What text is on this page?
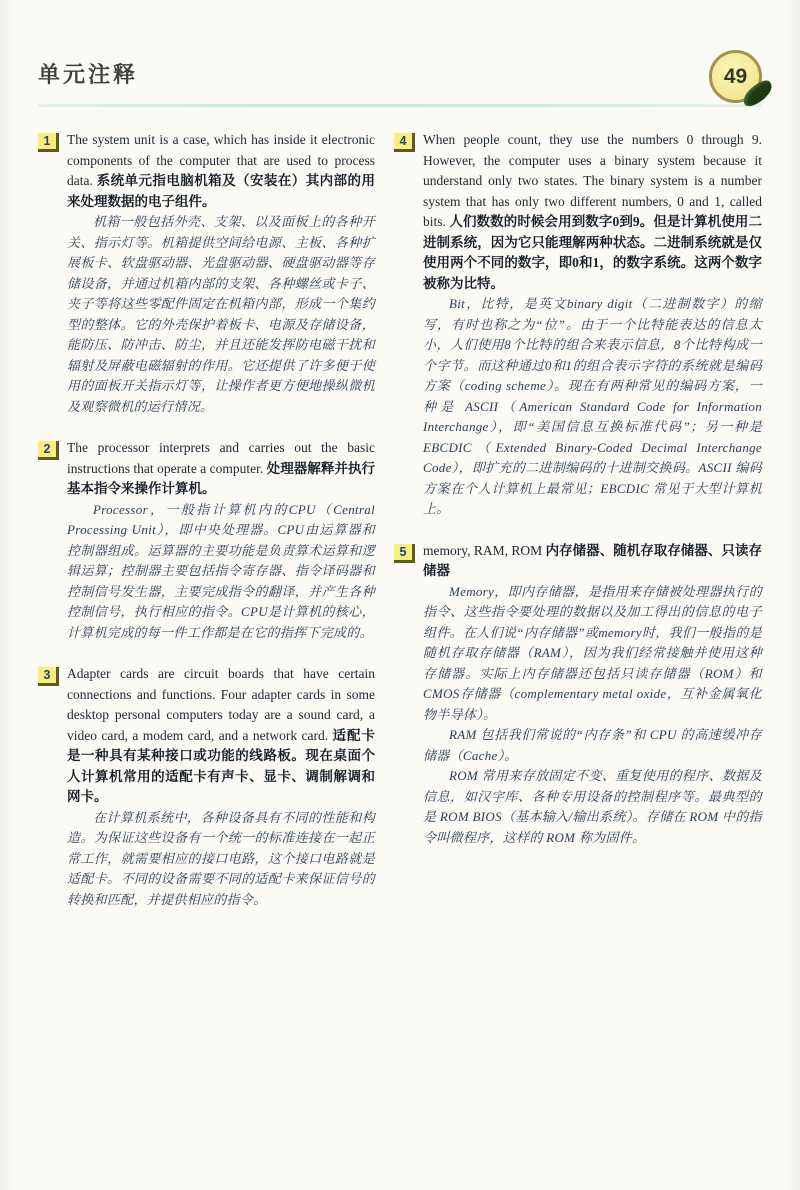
49
单元注释
1	The system unit is a case, which has inside it electronic components of the computer that are used to process data. 系统单元指电脑机箱及（安装在）其内部的用来处理数据的电子组件。

机箱一般包括外壳、支架、以及面板上的各种开关、指示灯等。机箱提供空间给电源、主板、各种扩展板卡、软盘驱动器、光盘驱动器、硬盘驱动器等存储设备，并通过机箱内部的支架、各种螺丝或卡子、夹子等将这些零配件固定在机箱内部，形成一个集约型的整体。它的外壳保护着板卡、电源及存储设备，能防压、防冲击、防尘，并且还能发挥防电磁干扰和辐射及屏蔽电磁辐射的作用。它还提供了许多便于使用的面板开关指示灯等，让操作者更方便地操纵微机及观察微机的运行情况。

2	The processor interprets and carries out the basic instructions that operate a computer. 处理器解释并执行基本指令来操作计算机。

Processor，一般指计算机内的CPU（Central Processing Unit），即中央处理器。CPU由运算器和控制器组成。运算器的主要功能是负责算术运算和逻辑运算；控制器主要包括指令寄存器、指令译码器和控制信号发生器，主要完成指令的翻译，并产生各种控制信号，执行相应的指令。CPU是计算机的核心，计算机完成的每一件工作都是在它的指挥下完成的。

3	Adapter cards are circuit boards that have certain connections and functions. Four adapter cards in some desktop personal computers today are a sound card, a video card, a modem card, and a network card. 适配卡是一种具有某种接口或功能的线路板。现在桌面个人计算机常用的适配卡有声卡、显卡、调制解调和网卡。

在计算机系统中，各种设备具有不同的性能和构造。为保证这些设备有一个统一的标准连接在一起正常工作，就需要相应的接口电路，这个接口电路就是适配卡。不同的设备需要不同的适配卡来保证信号的转换和匹配，并提供相应的指令。

4	When people count, they use the numbers 0 through 9. However, the computer uses a binary system because it understand only two states. The binary system is a number system that has only two different numbers, 0 and 1, called bits. 人们数数的时候会用到数字0到9。但是计算机使用二进制系统，因为它只能理解两种状态。二进制系统就是仅使用两个不同的数字，即0和1，的数字系统。这两个数字被称为比特。

Bit，比特，是英文binary digit（二进制数字）的缩写，有时也称之为“位”。由于一个比特能表达的信息太小，人们使用8个比特的组合来表示信息，8个比特构成一个字节。而这种通过0和1的组合表示字符的系统就是编码方案（coding scheme）。现在有两种常见的编码方案，一种是 ASCII（American Standard Code for Information Interchange），即“美国信息互换标准代码”；另一种是 EBCDIC（Extended Binary-Coded Decimal Interchange Code），即扩充的二进制编码的十进制交换码。ASCII 编码方案在个人计算机上最常见；EBCDIC 常见于大型计算机上。

5	memory, RAM, ROM 内存储器、随机存取存储器、只读存储器

Memory，即内存储器，是指用来存储被处理器执行的指令、这些指令要处理的数据以及加工得出的信息的电子组件。在人们说“内存储器”或memory时，我们一般指的是随机存取存储器（RAM），因为我们经常接触并使用这种存储器。实际上内存储器还包括只读存储器（ROM）和CMOS存储器（complementary metal oxide，互补金属氧化物半导体）。

RAM 包括我们常说的“内存条”和 CPU 的高速缓冲存储器（Cache）。

ROM 常用来存放固定不变、重复使用的程序、数据及信息，如汉字库、各种专用设备的控制程序等。最典型的是 ROM BIOS（基本输入/输出系统）。存储在 ROM 中的指令叫微程序，这样的 ROM 称为固件。
